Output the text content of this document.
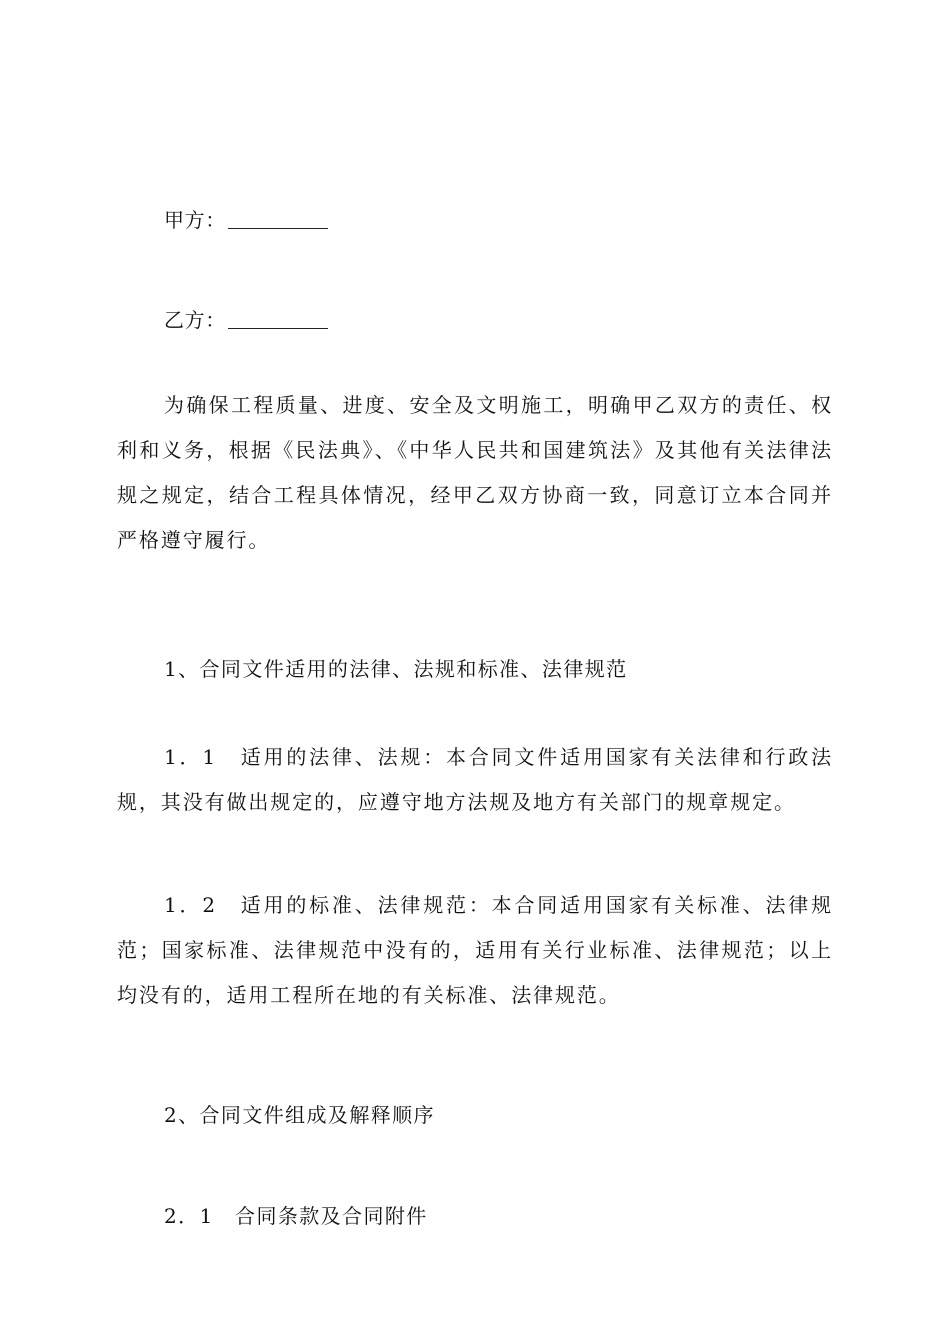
甲方：
乙方：

为确保工程质量、进度、安全及文明施工，明确甲乙双方的责任、权利和义务，根据《民法典》、《中华人民共和国建筑法》及其他有关法律法规之规定，结合工程具体情况，经甲乙双方协商一致，同意订立本合同并严格遵守履行。

1、合同文件适用的法律、法规和标准、法律规范

1．1　适用的法律、法规：本合同文件适用国家有关法律和行政法规，其没有做出规定的，应遵守地方法规及地方有关部门的规章规定。

1．2　适用的标准、法律规范：本合同适用国家有关标准、法律规范；国家标准、法律规范中没有的，适用有关行业标准、法律规范；以上均没有的，适用工程所在地的有关标准、法律规范。

2、合同文件组成及解释顺序
2．1　合同条款及合同附件
